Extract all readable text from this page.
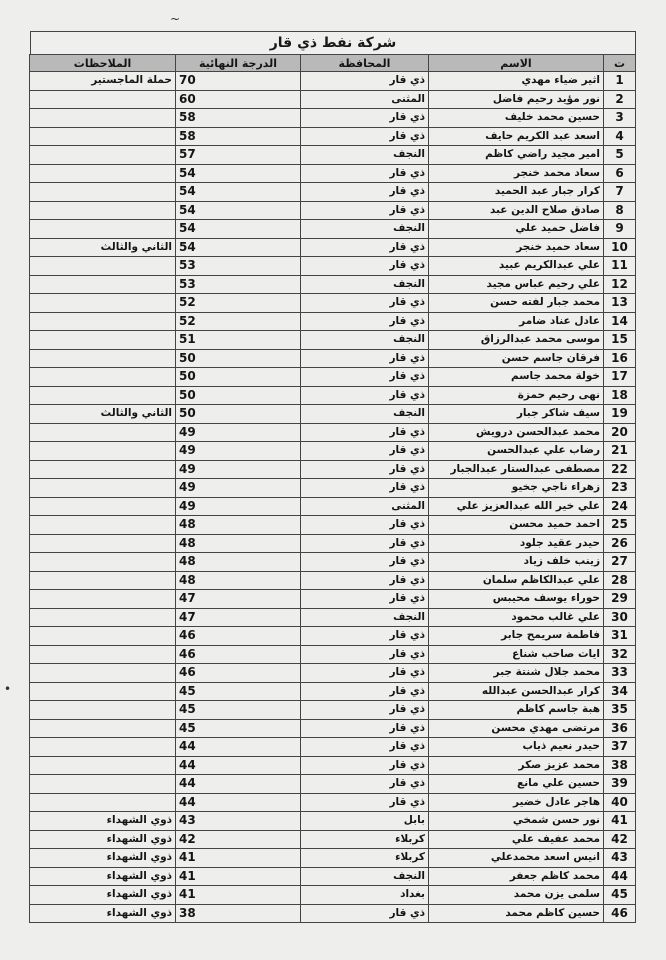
شركة نفط ذي قار
ت	الاسم	المحافظة	الدرجة النهائية	الملاحظات
1	اثير ضياء مهدي	ذي قار	70	حملة الماجستير
2	نور مؤيد رحيم فاضل	المثنى	60	
3	حسين محمد خليف	ذي قار	58	
4	اسعد عبد الكريم حايف	ذي قار	58	
5	امير مجيد راضي كاظم	النجف	57	
6	سعاد محمد خنجر	ذي قار	54	
7	كرار جبار عبد الحميد	ذي قار	54	
8	صادق صلاح الدين عبد	ذي قار	54	
9	فاضل حميد علي	النجف	54	
10	سعاد حميد خنجر	ذي قار	54	الثاني والثالث
11	علي عبدالكريم عبيد	ذي قار	53	
12	علي رحيم عباس مجيد	النجف	53	
13	محمد جبار لفته حسن	ذي قار	52	
14	عادل عناد ضامر	ذي قار	52	
15	موسى محمد عبدالرزاق	النجف	51	
16	فرقان جاسم حسن	ذي قار	50	
17	خولة محمد جاسم	ذي قار	50	
18	نهى رحيم حمزة	ذي قار	50	
19	سيف شاكر جبار	النجف	50	الثاني والثالث
20	محمد عبدالحسن درويش	ذي قار	49	
21	رضاب علي عبدالحسن	ذي قار	49	
22	مصطفى عبدالستار عبدالجبار	ذي قار	49	
23	زهراء ناجي جخيو	ذي قار	49	
24	علي خير الله عبدالعزيز علي	المثنى	49	
25	احمد حميد محسن	ذي قار	48	
26	حيدر عقيد جلود	ذي قار	48	
27	زينب خلف زياد	ذي قار	48	
28	علي عبدالكاظم سلمان	ذي قار	48	
29	حوراء يوسف محيبس	ذي قار	47	
30	علي غالب محمود	النجف	47	
31	فاطمة سريمح جابر	ذي قار	46	
32	ايات صاحب شناع	ذي قار	46	
33	محمد جلال شنتة جبر	ذي قار	46	
34	كرار عبدالحسن عبدالله	ذي قار	45	
35	هبة جاسم كاظم	ذي قار	45	
36	مرتضى مهدي محسن	ذي قار	45	
37	حيدر نعيم ذياب	ذي قار	44	
38	محمد عزيز صكر	ذي قار	44	
39	حسين علي مانع	ذي قار	44	
40	هاجر عادل خضير	ذي قار	44	
41	نور حسن شمخي	بابل	43	ذوي الشهداء
42	محمد عفيف علي	كربلاء	42	ذوي الشهداء
43	انيس اسعد محمدعلي	كربلاء	41	ذوي الشهداء
44	محمد كاظم جعفر	النجف	41	ذوي الشهداء
45	سلمى يزن محمد	بغداد	41	ذوي الشهداء
46	حسين كاظم محمد	ذي قار	38	ذوي الشهداء
~
•
